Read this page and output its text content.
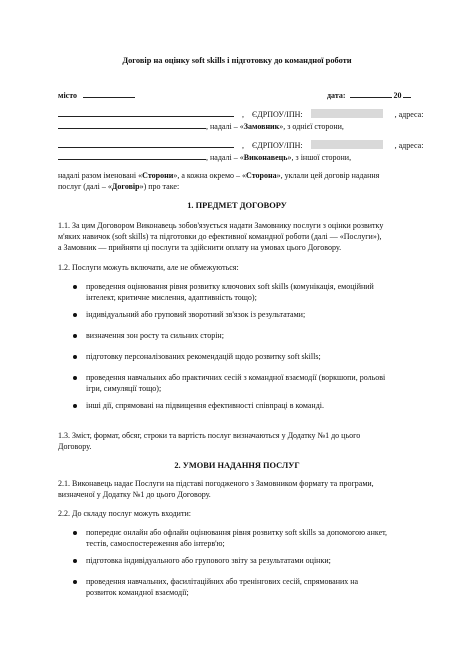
Договір на оцінку soft skills і підготовку до командної роботи
місто	дата:	20
, ЄДРПОУ/ІПН:	, адреса:
, надалі – «Замовник», з однієї сторони,
, ЄДРПОУ/ІПН:	, адреса:
, надалі – «Виконавець», з іншої сторони,
надалі разом іменовані «Сторони», а кожна окремо – «Сторона», уклали цей договір надання
послуг (далі – «Договір») про таке:
1. ПРЕДМЕТ ДОГОВОРУ
1.1. За цим Договором Виконавець зобов'язується надати Замовнику послуги з оцінки розвитку
м'яких навичок (soft skills) та підготовки до ефективної командної роботи (далі — «Послуги»),
а Замовник — прийняти ці послуги та здійснити оплату на умовах цього Договору.
1.2. Послуги можуть включати, але не обмежуються:
проведення оцінювання рівня розвитку ключових soft skills (комунікація, емоційний
інтелект, критичне мислення, адаптивність тощо);
індивідуальний або груповий зворотний зв'язок із результатами;
визначення зон росту та сильних сторін;
підготовку персоналізованих рекомендацій щодо розвитку soft skills;
проведення навчальних або практичних сесій з командної взаємодії (воркшопи, рольові
ігри, симуляції тощо);
інші дії, спрямовані на підвищення ефективності співпраці в команді.
1.3. Зміст, формат, обсяг, строки та вартість послуг визначаються у Додатку №1 до цього
Договору.
2. УМОВИ НАДАННЯ ПОСЛУГ
2.1. Виконавець надає Послуги на підставі погодженого з Замовником формату та програми,
визначеної у Додатку №1 до цього Договору.
2.2. До складу послуг можуть входити:
попереднє онлайн або офлайн оцінювання рівня розвитку soft skills за допомогою анкет,
тестів, самоспостереження або інтерв'ю;
підготовка індивідуального або групового звіту за результатами оцінки;
проведення навчальних, фасилітаційних або тренінгових сесій, спрямованих на
розвиток командної взаємодії;
